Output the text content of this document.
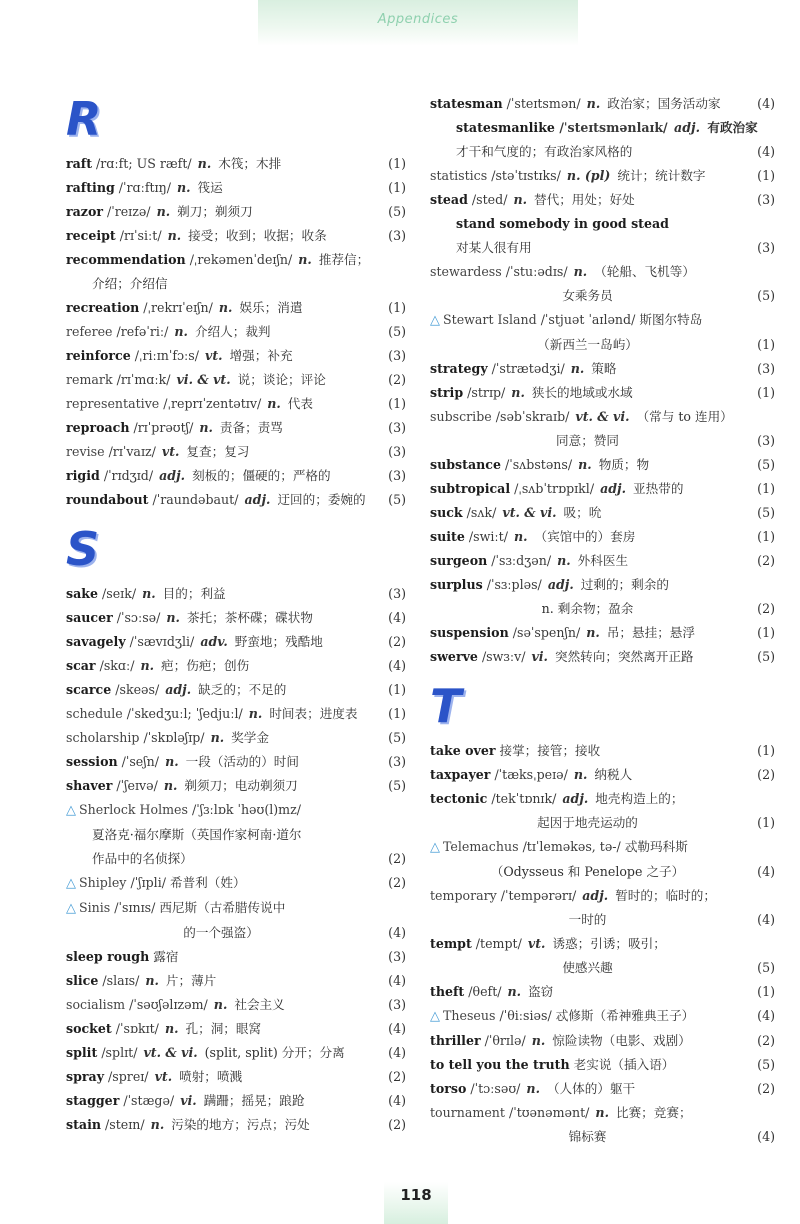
Appendices
R
raft /rɑːft; US ræft/ n. 木筏；木排	(1)
rafting /ˈrɑːftɪŋ/ n. 筏运	(1)
razor /ˈreɪzə/ n. 剃刀；剃须刀	(5)
receipt /rɪˈsiːt/ n. 接受；收到；收据；收条	(3)
recommendation /ˌrekəmenˈdeɪʃn/ n. 推荐信；
介绍；介绍信
recreation /ˌrekrɪˈeɪʃn/ n. 娱乐；消遣	(1)
referee /refəˈriː/ n. 介绍人；裁判	(5)
reinforce /ˌriːɪnˈfɔːs/ vt. 增强；补充	(3)
remark /rɪˈmɑːk/ vi. & vt. 说；谈论；评论	(2)
representative /ˌreprɪˈzentətɪv/ n. 代表	(1)
reproach /rɪˈprəʊtʃ/ n. 责备；责骂	(3)
revise /rɪˈvaɪz/ vt. 复查；复习	(3)
rigid /ˈrɪdʒɪd/ adj. 刻板的；僵硬的；严格的	(3)
roundabout /ˈraundəbaut/ adj. 迂回的；委婉的	(5)
S
sake /seɪk/ n. 目的；利益	(3)
saucer /ˈsɔːsə/ n. 茶托；茶杯碟；碟状物	(4)
savagely /ˈsævɪdʒli/ adv. 野蛮地；残酷地	(2)
scar /skɑː/ n. 疤；伤疤；创伤	(4)
scarce /skeəs/ adj. 缺乏的；不足的	(1)
schedule /ˈskedʒuːl; ˈʃedjuːl/ n. 时间表；进度表	(1)
scholarship /ˈskɒləʃɪp/ n. 奖学金	(5)
session /ˈseʃn/ n. 一段（活动的）时间	(3)
shaver /ˈʃeɪvə/ n. 剃须刀；电动剃须刀	(5)
△ Sherlock Holmes /ˈʃɜːlɒk ˈhəʊ(l)mz/
夏洛克·福尔摩斯（英国作家柯南·道尔
作品中的名侦探）	(2)
△ Shipley /ˈʃɪpli/ 希普利（姓）	(2)
△ Sinis /ˈsɪnɪs/ 西尼斯（古希腊传说中
的一个强盗）	(4)
sleep rough 露宿	(3)
slice /slaɪs/ n. 片；薄片	(4)
socialism /ˈsəʊʃəlɪzəm/ n. 社会主义	(3)
socket /ˈsɒkɪt/ n. 孔；洞；眼窝	(4)
split /splɪt/ vt. & vi. (split, split) 分开；分离	(4)
spray /spreɪ/ vt. 喷射；喷溅	(2)
stagger /ˈstægə/ vi. 蹒跚；摇晃；踉跄	(4)
stain /steɪn/ n. 污染的地方；污点；污处	(2)
statesman /ˈsteɪtsmən/ n. 政治家；国务活动家	(4)
statesmanlike /ˈsteɪtsmənlaɪk/ adj. 有政治家
才干和气度的；有政治家风格的	(4)
statistics /stəˈtɪstɪks/ n. (pl) 统计；统计数字	(1)
stead /sted/ n. 替代；用处；好处	(3)
stand somebody in good stead
对某人很有用	(3)
stewardess /ˈstuːədɪs/ n. （轮船、飞机等）
女乘务员	(5)
△ Stewart Island /ˈstjuət ˈaɪlənd/ 斯图尔特岛
（新西兰一岛屿）	(1)
strategy /ˈstrætədʒi/ n. 策略	(3)
strip /strɪp/ n. 狭长的地域或水域	(1)
subscribe /səbˈskraɪb/ vt. & vi. （常与 to 连用）
同意；赞同	(3)
substance /ˈsʌbstəns/ n. 物质；物	(5)
subtropical /ˌsʌbˈtrɒpɪkl/ adj. 亚热带的	(1)
suck /sʌk/ vt. & vi. 吸；吮	(5)
suite /swiːt/ n. （宾馆中的）套房	(1)
surgeon /ˈsɜːdʒən/ n. 外科医生	(2)
surplus /ˈsɜːpləs/ adj. 过剩的；剩余的
n. 剩余物；盈余	(2)
suspension /səˈspenʃn/ n. 吊；悬挂；悬浮	(1)
swerve /swɜːv/ vi. 突然转向；突然离开正路	(5)
T
take over 接掌；接管；接收	(1)
taxpayer /ˈtæksˌpeɪə/ n. 纳税人	(2)
tectonic /tekˈtɒnɪk/ adj. 地壳构造上的；
起因于地壳运动的	(1)
△ Telemachus /tɪˈleməkəs, tə-/ 忒勒玛科斯
（Odysseus 和 Penelope 之子）	(4)
temporary /ˈtempərərɪ/ adj. 暂时的；临时的；
一时的	(4)
tempt /tempt/ vt. 诱惑；引诱；吸引；
使感兴趣	(5)
theft /θeft/ n. 盗窃	(1)
△ Theseus /ˈθiːsiəs/ 忒修斯（希神雅典王子）	(4)
thriller /ˈθrɪlə/ n. 惊险读物（电影、戏剧）	(2)
to tell you the truth 老实说（插入语）	(5)
torso /ˈtɔːsəʊ/ n. （人体的）躯干	(2)
tournament /ˈtʊənəmənt/ n. 比赛；竞赛；
锦标赛	(4)
118
